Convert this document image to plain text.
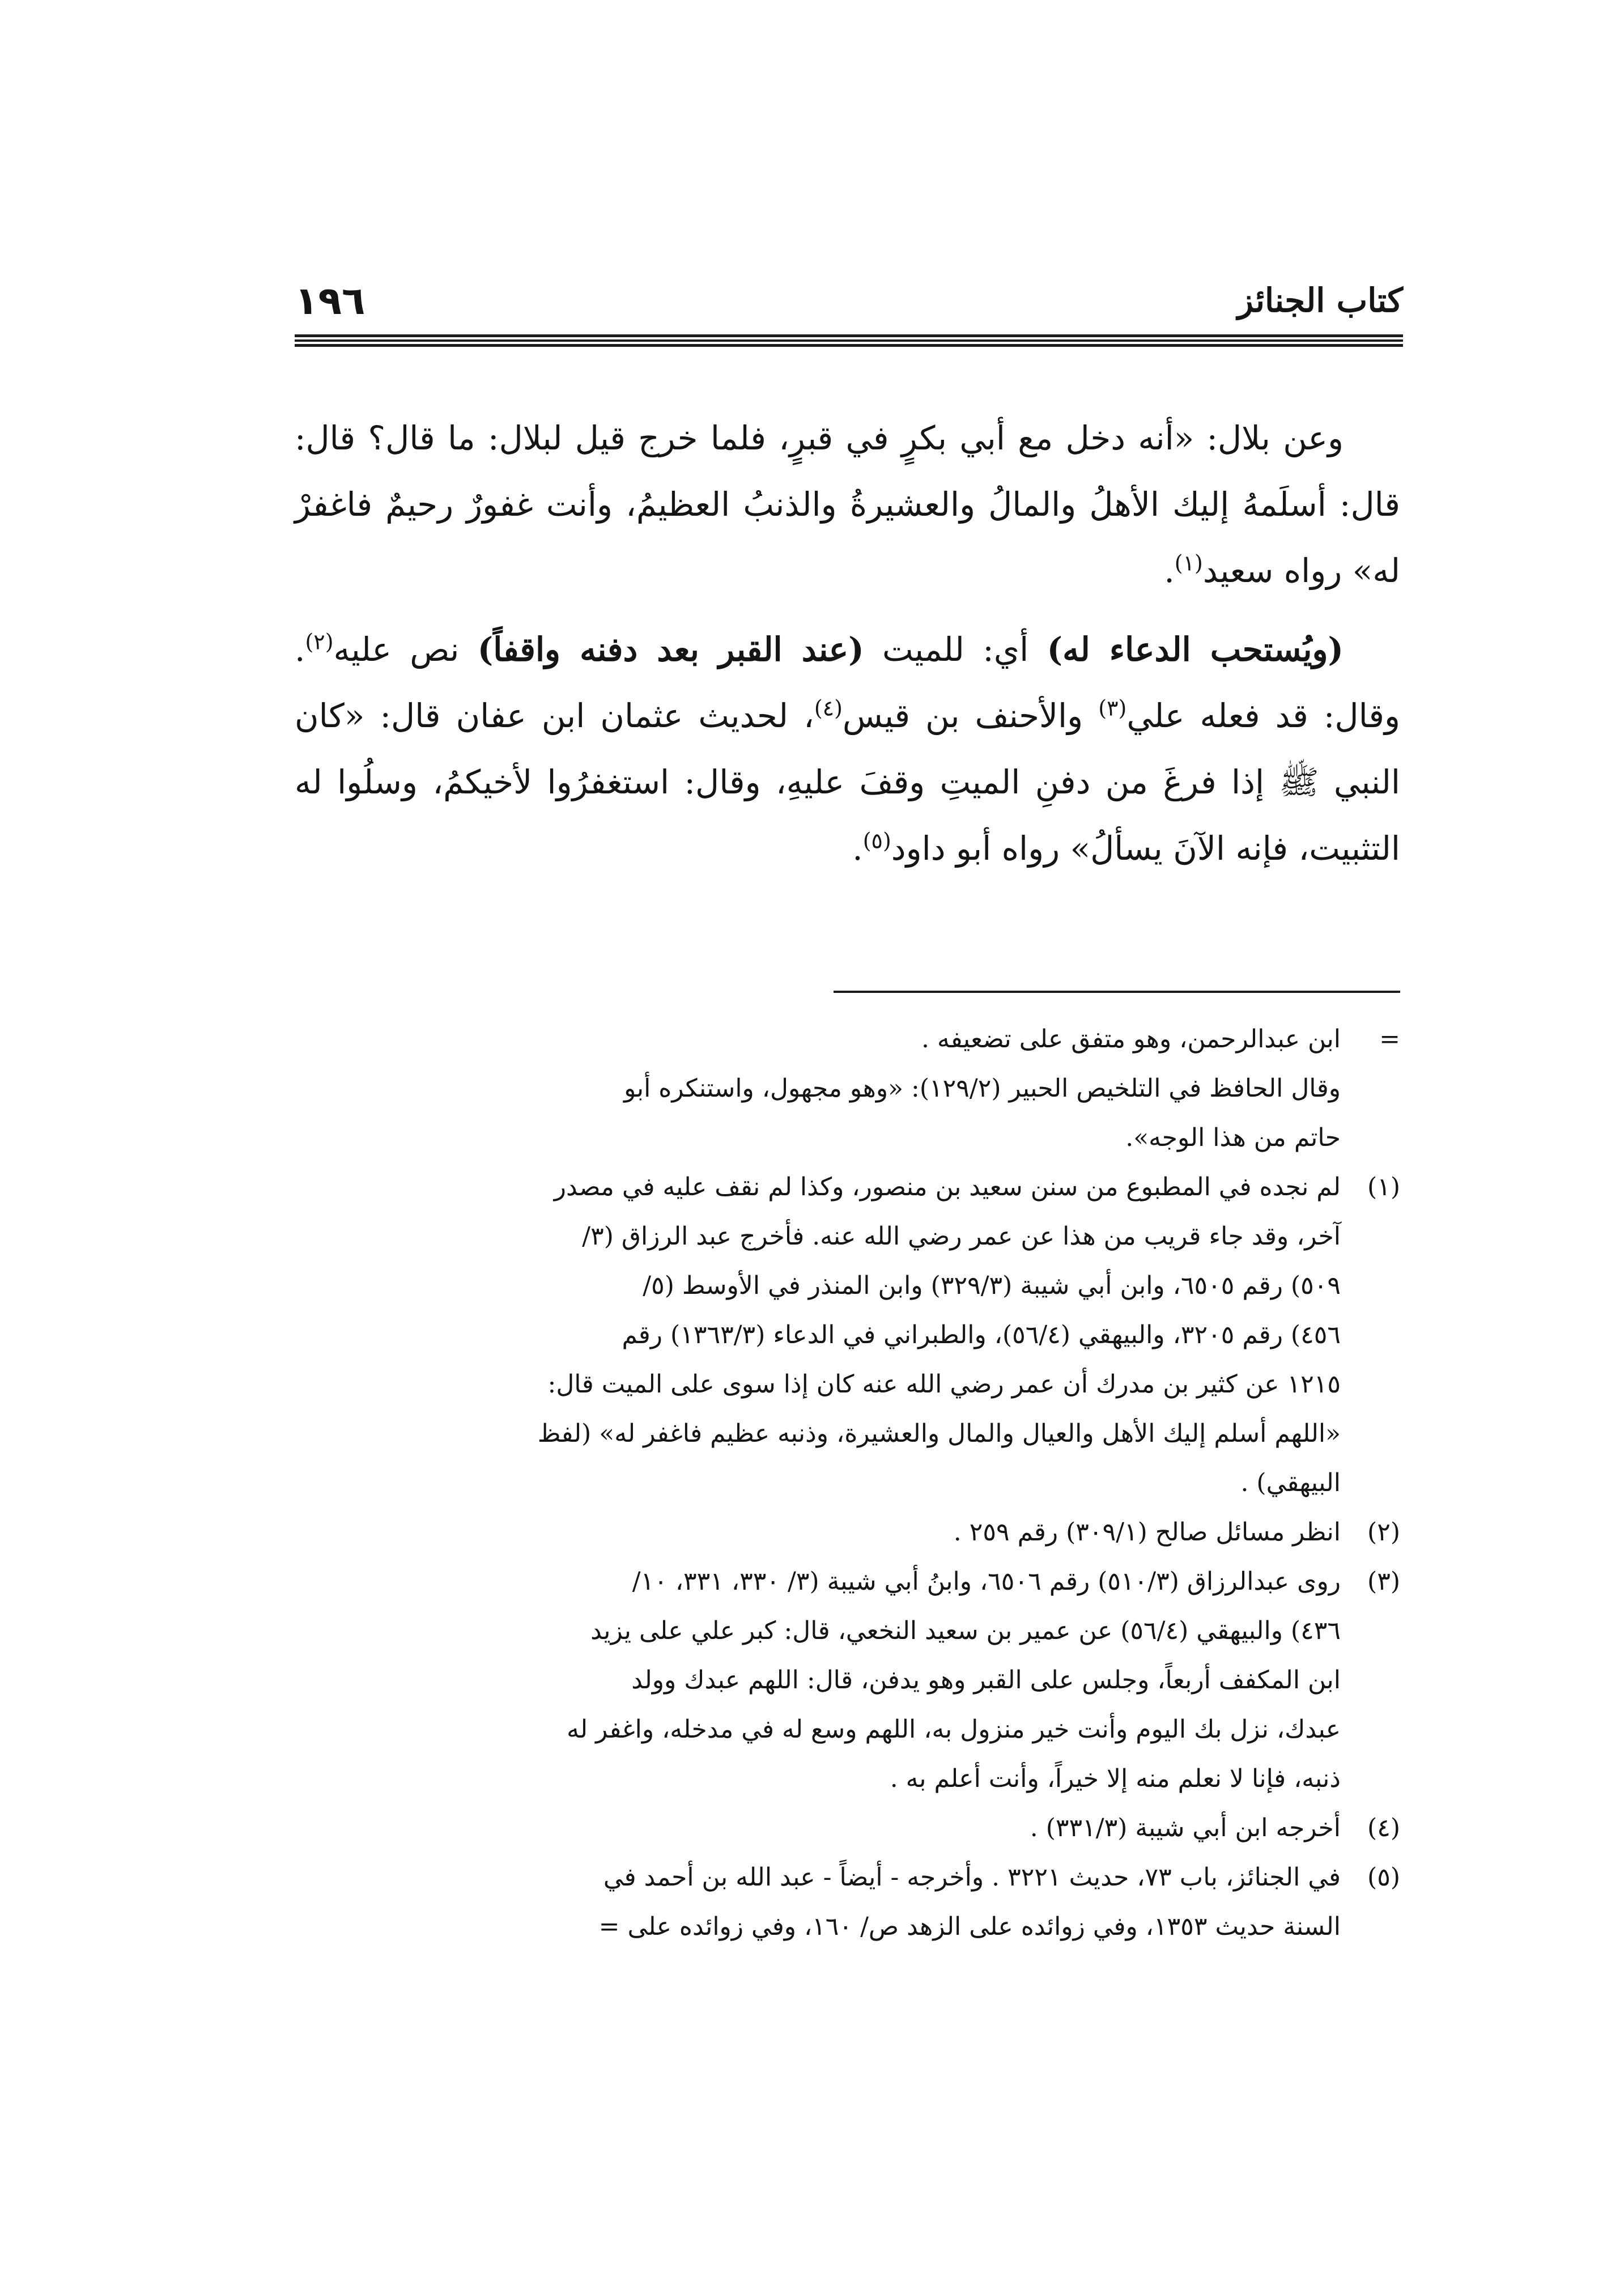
١٩٦	كتاب الجنائز

وعن بلال: «أنه دخل مع أبي بكرٍ في قبرٍ، فلما خرج قيل لبلال: ما قال؟ قال: قال: أسلَمهُ إليك الأهلُ والمالُ والعشيرةُ والذنبُ العظيمُ، وأنت غفورٌ رحيمٌ فاغفرْ له» رواه سعيد$^{(١)}$.

(ويُستحب الدعاء له) أي: للميت (عند القبر بعد دفنه واقفاً) نص عليه$^{(٢)}$. وقال: قد فعله علي$^{(٣)}$ والأحنف بن قيس$^{(٤)}$، لحديث عثمان ابن عفان قال: «كان النبي ﷺ إذا فرغَ من دفنِ الميتِ وقفَ عليهِ، وقال: استغفرُوا لأخيكمُ، وسلُوا له التثبيت، فإنه الآنَ يسألُ» رواه أبو داود$^{(٥)}$.

=
ابن عبدالرحمن، وهو متفق على تضعيفه .
وقال الحافظ في التلخيص الحبير (١٢٩/٢): «وهو مجهول، واستنكره أبو
حاتم من هذا الوجه».
(١)
لم نجده في المطبوع من سنن سعيد بن منصور، وكذا لم نقف عليه في مصدر
آخر، وقد جاء قريب من هذا عن عمر رضي الله عنه. فأخرج عبد الرزاق (٣/
٥٠٩) رقم ٦٥٠٥، وابن أبي شيبة (٣٢٩/٣) وابن المنذر في الأوسط (٥/
٤٥٦) رقم ٣٢٠٥، والبيهقي (٥٦/٤)، والطبراني في الدعاء (١٣٦٣/٣) رقم
١٢١٥ عن كثير بن مدرك أن عمر رضي الله عنه كان إذا سوى على الميت قال:
«اللهم أسلم إليك الأهل والعيال والمال والعشيرة، وذنبه عظيم فاغفر له» (لفظ
البيهقي) .
(٢)
انظر مسائل صالح (٣٠٩/١) رقم ٢٥٩ .
(٣)
روى عبدالرزاق (٥١٠/٣) رقم ٦٥٠٦، وابنُ أبي شيبة (٣/ ٣٣٠، ٣٣١، ١٠/
٤٣٦) والبيهقي (٥٦/٤) عن عمير بن سعيد النخعي، قال: كبر علي على يزيد
ابن المكفف أربعاً، وجلس على القبر وهو يدفن، قال: اللهم عبدك وولد
عبدك، نزل بك اليوم وأنت خير منزول به، اللهم وسع له في مدخله، واغفر له
ذنبه، فإنا لا نعلم منه إلا خيراً، وأنت أعلم به .
(٤)
أخرجه ابن أبي شيبة (٣٣١/٣) .
(٥)
في الجنائز، باب ٧٣، حديث ٣٢٢١ . وأخرجه - أيضاً - عبد الله بن أحمد في
السنة حديث ١٣٥٣، وفي زوائده على الزهد ص/ ١٦٠، وفي زوائده على =
